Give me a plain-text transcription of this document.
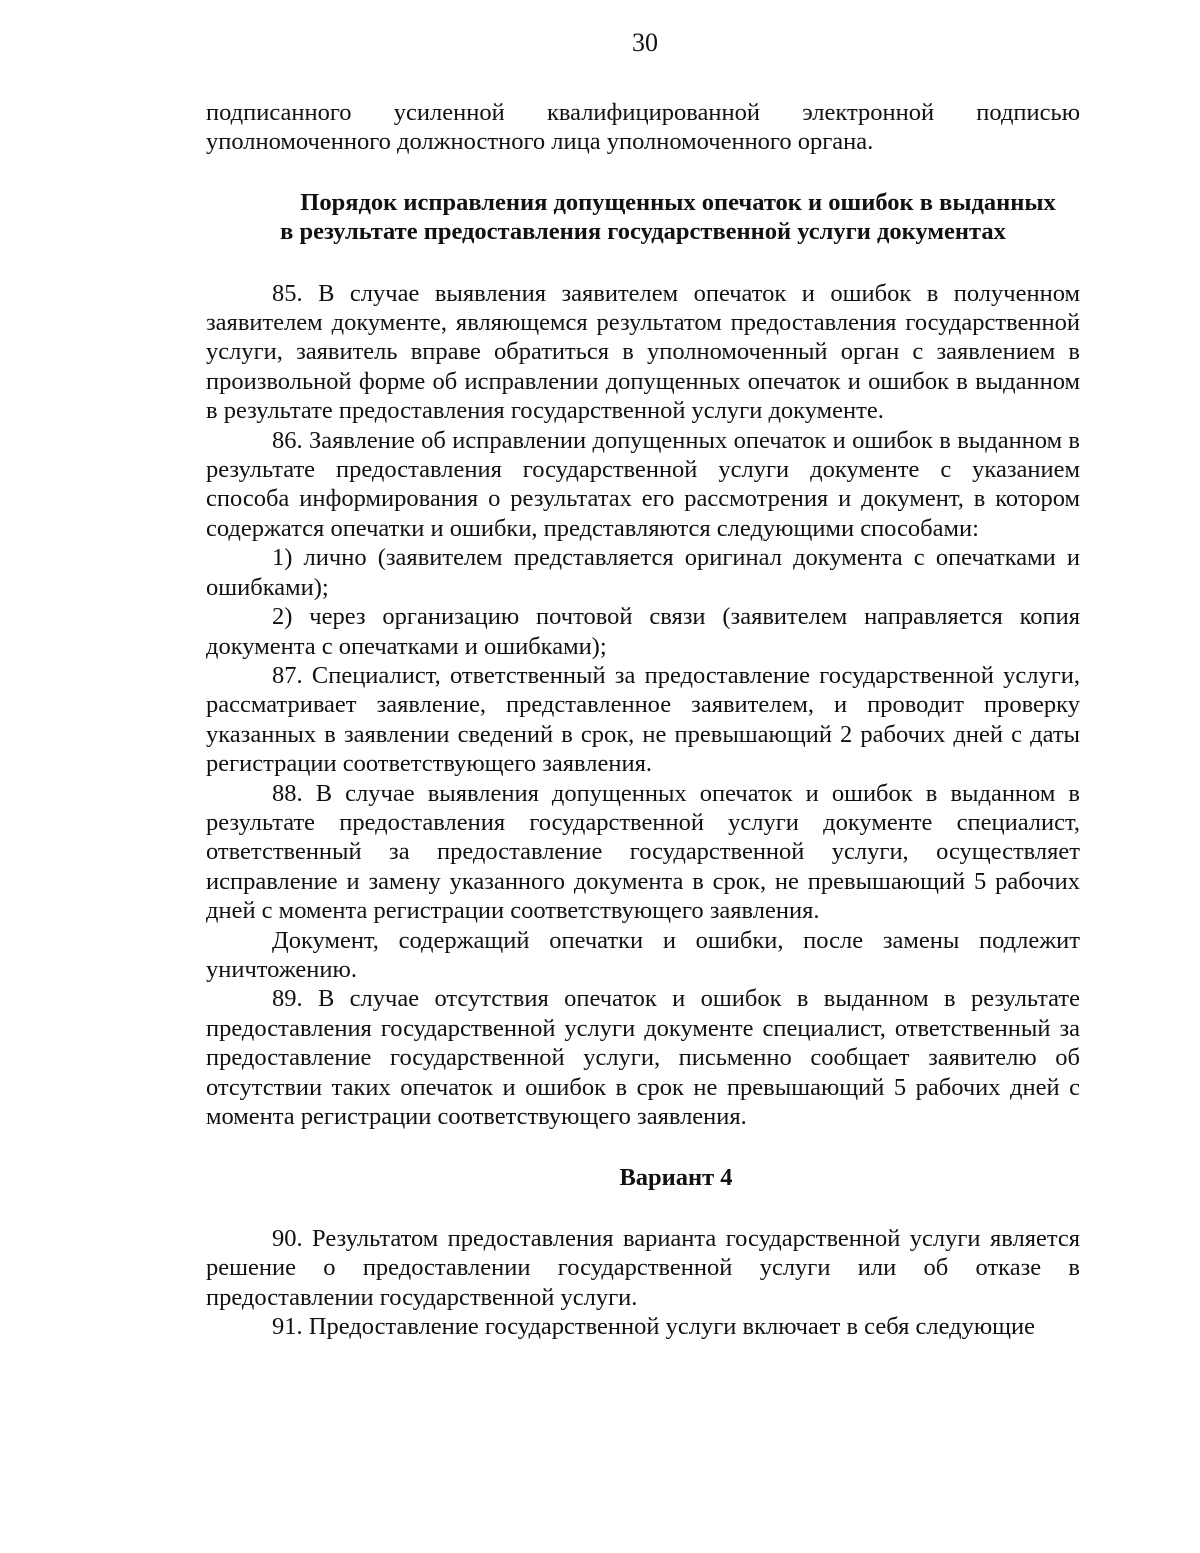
30

подписанного усиленной квалифицированной электронной подписью уполномоченного должностного лица уполномоченного органа.

Порядок исправления допущенных опечаток и ошибок в выданных
в результате предоставления государственной услуги документах

85. В случае выявления заявителем опечаток и ошибок в полученном заявителем документе, являющемся результатом предоставления государственной услуги, заявитель вправе обратиться в уполномоченный орган с заявлением в произвольной форме об исправлении допущенных опечаток и ошибок в выданном в результате предоставления государственной услуги документе.

86. Заявление об исправлении допущенных опечаток и ошибок в выданном в результате предоставления государственной услуги документе с указанием способа информирования о результатах его рассмотрения и документ, в котором содержатся опечатки и ошибки, представляются следующими способами:

1) лично (заявителем представляется оригинал документа с опечатками и ошибками);

2) через организацию почтовой связи (заявителем направляется копия документа с опечатками и ошибками);

87. Специалист, ответственный за предоставление государственной услуги, рассматривает заявление, представленное заявителем, и проводит проверку указанных в заявлении сведений в срок, не превышающий 2 рабочих дней с даты регистрации соответствующего заявления.

88. В случае выявления допущенных опечаток и ошибок в выданном в результате предоставления государственной услуги документе специалист, ответственный за предоставление государственной услуги, осуществляет исправление и замену указанного документа в срок, не превышающий 5 рабочих дней с момента регистрации соответствующего заявления.

Документ, содержащий опечатки и ошибки, после замены подлежит уничтожению.

89. В случае отсутствия опечаток и ошибок в выданном в результате предоставления государственной услуги документе специалист, ответственный за предоставление государственной услуги, письменно сообщает заявителю об отсутствии таких опечаток и ошибок в срок не превышающий 5 рабочих дней с момента регистрации соответствующего заявления.

Вариант 4

90. Результатом предоставления варианта государственной услуги является решение о предоставлении государственной услуги или об отказе в предоставлении государственной услуги.

91. Предоставление государственной услуги включает в себя следующие
